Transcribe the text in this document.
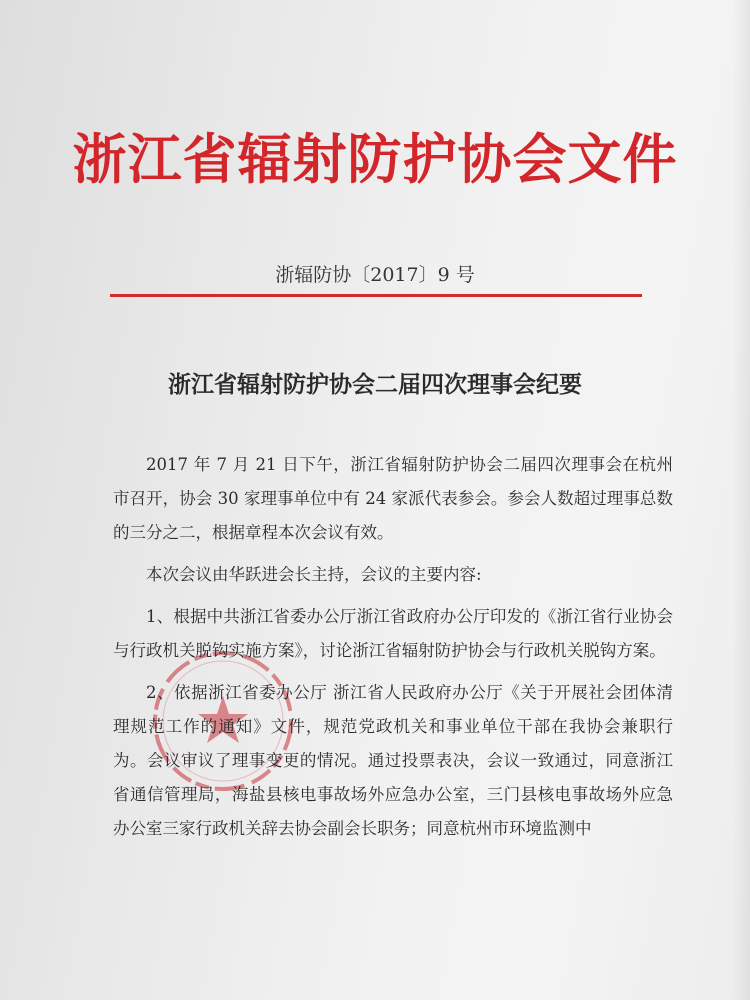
浙江省辐射防护协会文件
浙辐防协〔2017〕9 号
浙江省辐射防护协会二届四次理事会纪要

2017 年 7 月 21 日下午，浙江省辐射防护协会二届四次理事会在杭州市召开，协会 30 家理事单位中有 24 家派代表参会。参会人数超过理事总数的三分之二，根据章程本次会议有效。

本次会议由华跃进会长主持，会议的主要内容:

1、根据中共浙江省委办公厅浙江省政府办公厅印发的《浙江省行业协会与行政机关脱钩实施方案》，讨论浙江省辐射防护协会与行政机关脱钩方案。

2、依据浙江省委办公厅 浙江省人民政府办公厅《关于开展社会团体清理规范工作的通知》文件，规范党政机关和事业单位干部在我协会兼职行为。会议审议了理事变更的情况。通过投票表决，会议一致通过，同意浙江省通信管理局，海盐县核电事故场外应急办公室，三门县核电事故场外应急办公室三家行政机关辞去协会副会长职务；同意杭州市环境监测中
